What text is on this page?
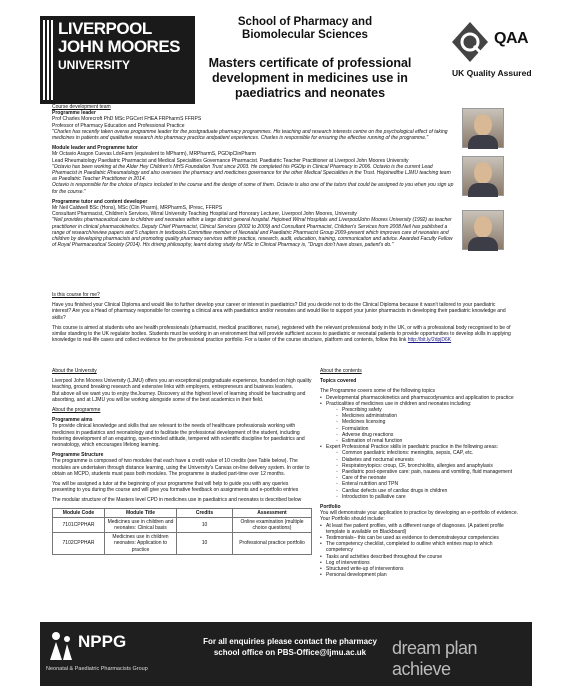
LIVERPOOL
JOHN MOORES
UNIVERSITY
School of Pharmacy and Biomolecular Sciences
Masters certificate of professional development in medicines use in paediatrics and neonates
QAA
UK Quality Assured

Course development team

Programme leader

Prof Charles Morecroft PhD MSc PGCert FHEA FRPharmS FFRPS

Professor of Pharmacy Education and Professional Practice

"Charles has recently taken overas programme leader for the postgraduate pharmacy programmes. His teaching and research interests centre on the psychological effect of taking medicines in patients and qualitative research into pharmacy practice andpatient experiences. Charles is responsible for ensuring the effective running of the programme."

Module leader and Programme tutor

Mr Octavio Aragon Cuevas LdoFarm (equivalent to MPharm), MRPharmS, PGDipClinPharm

Lead Rheumatology Paediatric Pharmacist and Medical Specialities Governance Pharmacist. Paediatric Teacher Practitioner at Liverpool John Moores University

"Octavio has been working at the Alder Hey Children's NHS Foundation Trust since 2003. He completed his PGDip in Clinical Pharmacy in 2006. Octavio is the current Lead Pharmacist in Paediatric Rheumatology and also oversees the pharmacy and medicines governance for the other Medical Specialities in the Trust. Hejoinedthe LJMU teaching team as Paediatric Teacher Practitioner in 2014.

Octavio is responsible for the choice of topics included in the course and the design of some of them. Octavio is also one of the tutors that could be assigned to you when you sign up for the course."

Programme tutor and content developer

Mr Neil Caldwell BSc (Hons), MSc (Clin Pharm), MRPharmS, IPresc, FFRPS

Consultant Pharmacist, Children's Services, Wirral University Teaching Hospital and Honorary Lecturer, Liverpool John Moores, University

"Neil provides pharmaceutical care to children and neonates within a large district general hospital. Hejoined Wirral Hospitals and LiverpoolJohn Moores University (1992) as teacher practitioner in clinical pharmacokinetics. Deputy Chief Pharmacist, Clinical Services (2002 to 2009) and Consultant Pharmacist, Children's Services from 2008.Neil has published a range of research/review papers and 5 chapters in textbooks.Committee member of Neonatal and Paediatric Pharmacist Group 2009-present which improves care of neonates and children by developing pharmacists and promoting quality pharmacy services within practice, research, audit, education, training, communication and advice. Awarded Faculty Fellow of Royal Pharmaceutical Society (2014). His driving philosophy, learnt during study for MSc in Clinical Pharmacy is, "Drugs don't have doses, patient's do."

Is this course for me?

Have you finished your Clinical Diploma and would like to further develop your career or interest in paediatrics? Did you decide not to do the Clinical Diploma because it wasn't tailored to your paediatric interest? Are you a Head of pharmacy responsible for covering a clinical area with paediatrics and/or neonates and would like to support your junior pharmacists in developing their paediatric knowledge and skills?

This course is aimed at students who are health professionals (pharmacist, medical practitioner, nurse), registered with the relevant professional body in the UK, or with a professional body recognised to be of similar standing to the UK regulator bodies. Students must be working in an environment that will provide sufficient access to paediatric or neonatal patients to provide opportunities to develop skills in applying knowledge to real-life cases and collect evidence for the professional practice portfolio. For a taster of the course structure, platform and contents, follow this link http://bit.ly/2dpjD6K

About the University

Liverpool John Moores University (LJMU) offers you an exceptional postgraduate experience, founded on high quality teaching, ground breaking research and extensive links with employers, entrepreneurs and business leaders.

But above all we want you to enjoy theJourney. Discovery at the highest level of learning should be fascinating and absorbing, and at LJMU you will be working alongside some of the best academics in their field.

About the programme

Programme aims

To provide clinical knowledge and skills that are relevant to the needs of healthcare professionals working with medicines in paediatrics and neonatology and to facilitate the professional development of the student, including fostering development of an enquiring, open-minded attitude, tempered with scientific discipline for paediatrics and neonatology, which encourages lifelong learning.

Programme Structure

The programme is composed of two modules that each have a credit value of 10 credits (see Table below). The modules are undertaken through distance learning, using the University's Canvas on-line delivery system. In order to obtain an MCPD, students must pass both modules. The programme is studied part-time over 12 months.

You will be assigned a tutor at the beginning of your programme that will help to guide you with any queries presenting to you during the course and will give you formative feedback on assignments and e-portfolio entries

The modular structure of the Masters level CPD in medicines use in paediatrics and neonates is described below

Module Code	Module Title	Credits	Assessment
7101CPPHAR	Medicines use in children and neonates: Clinical basis	10	Online examination (multiple choice questions)
7102CPPHAR	Medicines use in children neonates: Application to practice	10	Professional practice portfolio

About the contents

Topics covered

The Programme covers some of the following topics

• Developmental pharmacokinetics and pharmacodynamics and application to practice
• Practicalities of medicines use in children and neonates including:
◦ Prescribing safety
◦ Medicines administration
◦ Medicines licensing
◦ Formulation
◦ Adverse drug reactions
◦ Estimation of renal function
• Expert Professional Practice skills in paediatric practice in the following areas:
◦ Common paediatric infections: meningitis, sepsis, CAP, etc.
◦ Diabetes and nocturnal enuresis
◦ Respiratorytopics: croup, CF, bronchiolitis, allergies and anaphylaxis
◦ Paediatric post-operative care: pain, nausea and vomiting, fluid management
◦ Care of the neonate
◦ Enteral nutrition and TPN
◦ Cardiac defects use of cardiac drugs in children
◦ Introduction to palliative care

Portfolio

You will demonstrate your application to practice by developing an e-portfolio of evidence. Your Portfolio should include:

• At least five patient profiles, with a different range of diagnoses. (A patient profile template is available on Blackboard)
• Testimonials– this can be used as evidence to demonstrateyour competencies
• The competency checklist, completed to outline which entries map to which competency
• Tasks and activities described throughout the course
• Log of interventions
• Structured write-up of interventions
• Personal development plan
NPPG
Neonatal & Paediatric Pharmacists Group
For all enquiries please contact the pharmacy school office on PBS-Office@ljmu.ac.uk	dream plan achieve
